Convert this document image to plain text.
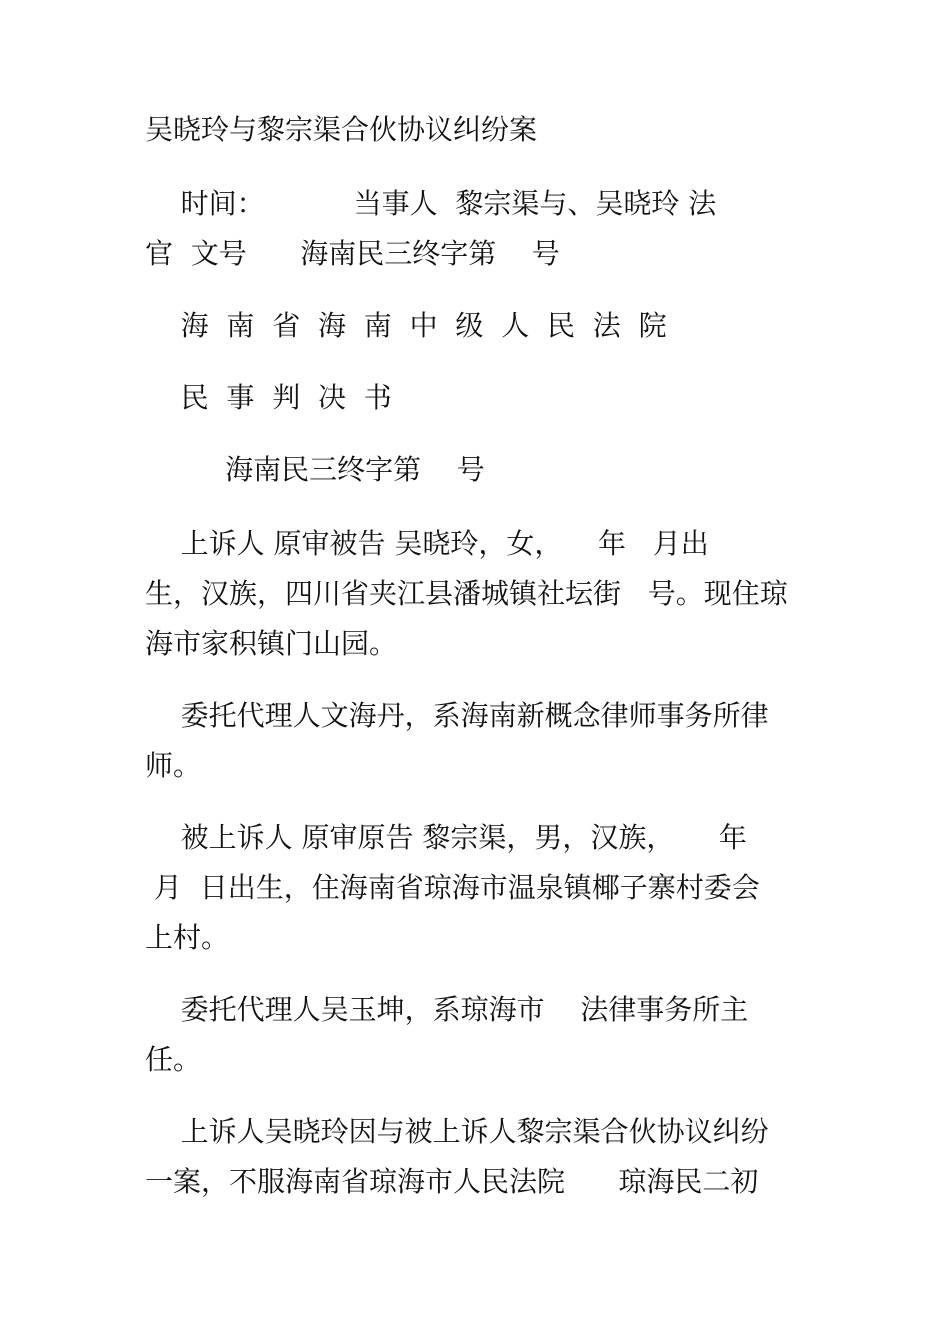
吴晓玲与黎宗渠合伙协议纠纷案

时间：          当事人  黎宗渠与、吴晓玲 法

官  文号      海南民三终字第    号

海  南  省  海  南  中  级  人  民  法  院

民  事  判  决  书

海南民三终字第    号

上诉人 原审被告 吴晓玲，女，    年   月出

生，汉族，四川省夹江县潘城镇社坛街   号。现住琼

海市家积镇门山园。

委托代理人文海丹，系海南新概念律师事务所律

师。

被上诉人 原审原告 黎宗渠，男，汉族，     年

月  日出生，住海南省琼海市温泉镇椰子寨村委会

上村。

委托代理人吴玉坤，系琼海市    法律事务所主

任。

上诉人吴晓玲因与被上诉人黎宗渠合伙协议纠纷

一案，不服海南省琼海市人民法院      琼海民二初
